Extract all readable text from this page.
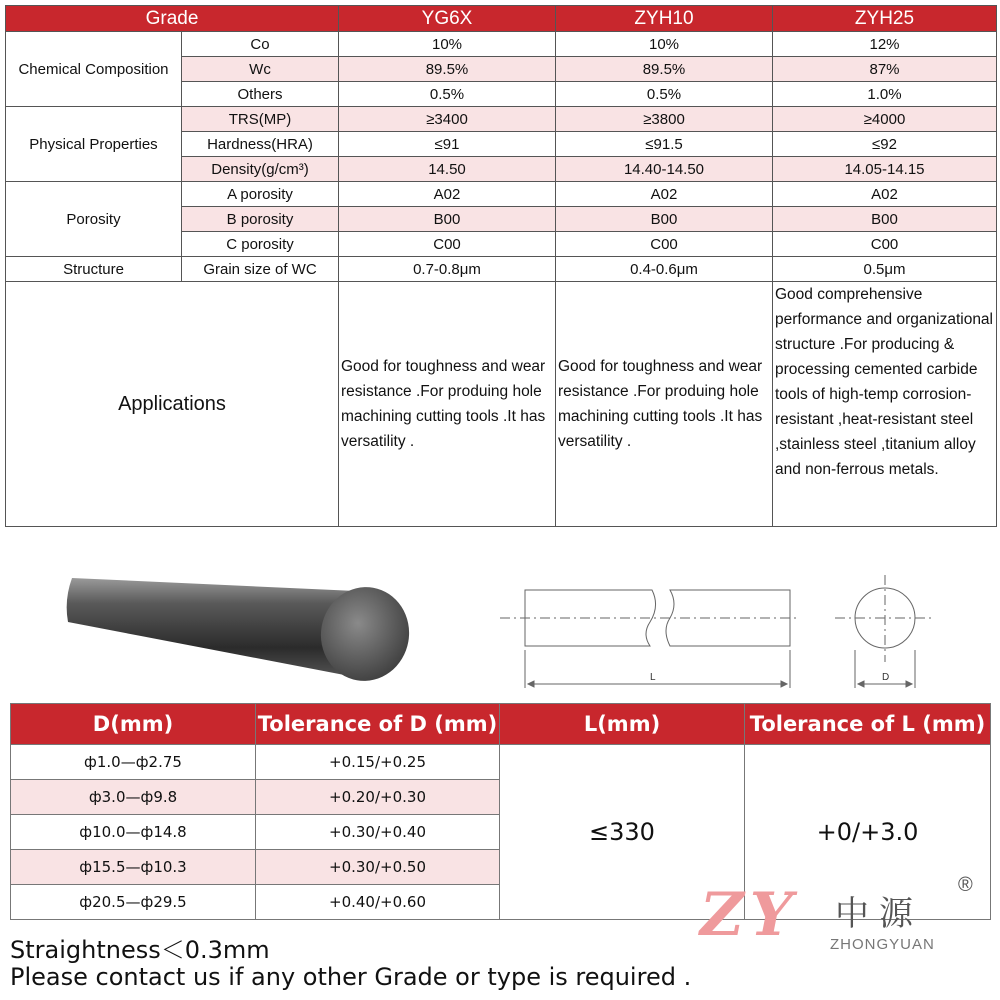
Grade		YG6X	ZYH10	ZYH25
Chemical Composition	Co	10%	10%	12%
	Wc	89.5%	89.5%	87%
	Others	0.5%	0.5%	1.0%
Physical Properties	TRS(MP)	≥3400	≥3800	≥4000
	Hardness(HRA)	≤91	≤91.5	≤92
	Density(g/cm³)	14.50	14.40-14.50	14.05-14.15
Porosity	A porosity	A02	A02	A02
	B porosity	B00	B00	B00
	C porosity	C00	C00	C00
Structure	Grain size of WC	0.7-0.8μm	0.4-0.6μm	0.5μm
Applications		Good for toughness and wear resistance .For produing hole machining cutting tools .It has versatility .	Good for toughness and wear resistance .For produing hole machining cutting tools .It has versatility .	Good comprehensive performance and organizational structure .For producing & processing cemented carbide tools of high-temp corrosion-resistant ,heat-resistant steel ,stainless steel ,titanium alloy and non-ferrous metals.
L	D
D(mm)	Tolerance of D (mm)	L(mm)	Tolerance of L (mm)
ф1.0—ф2.75	+0.15/+0.25	≤330	+0/+3.0
ф3.0—ф9.8	+0.20/+0.30		
ф10.0—ф14.8	+0.30/+0.40		
ф15.5—ф10.3	+0.30/+0.50		
ф20.5—ф29.5	+0.40/+0.60		
Straightness＜0.3mm
Please contact us if any other Grade or type is required .
ZY 中源
®
ZHONGYUAN
